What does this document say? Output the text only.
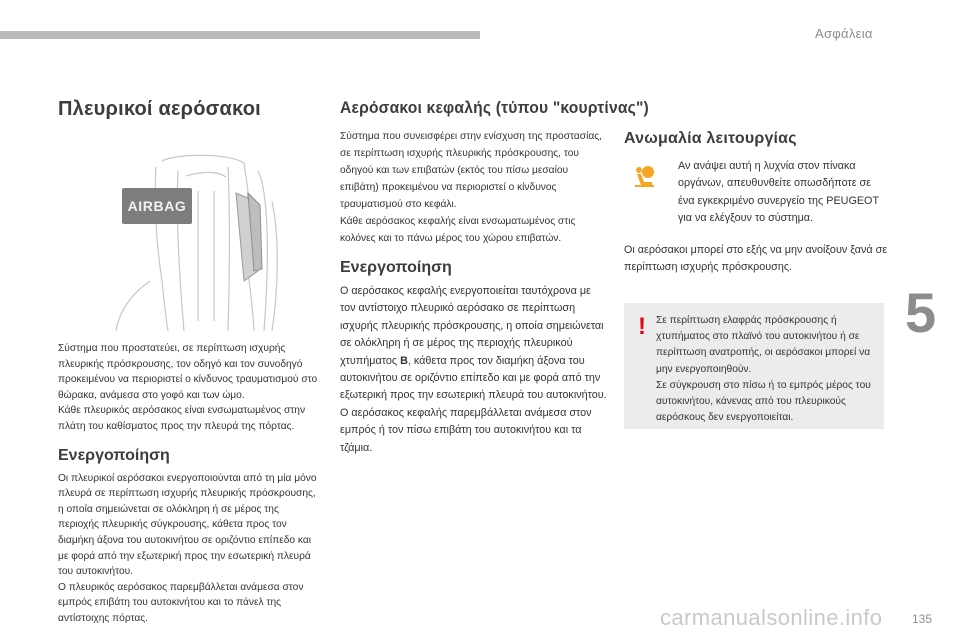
Ασφάλεια
5
Πλευρικοί αερόσακοι
AIRBAG

Σύστημα που προστατεύει, σε περίπτωση ισχυρής πλευρικής πρόσκρουσης, τον οδηγό και τον συνοδηγό προκειμένου να περιοριστεί ο κίνδυνος τραυματισμού στο θώρακα, ανάμεσα στο γοφό και των ώμο.
Κάθε πλευρικός αερόσακος είναι ενσωματωμένος στην πλάτη του καθίσματος προς την πλευρά της πόρτας.

Ενεργοποίηση

Οι πλευρικοί αερόσακοι ενεργοποιούνται από τη μία μόνο πλευρά σε περίπτωση ισχυρής πλευρικής πρόσκρουσης, η οποία σημειώνεται σε ολόκληρη ή σε μέρος της περιοχής πλευρικής σύγκρουσης, κάθετα προς τον διαμήκη άξονα του αυτοκινήτου σε οριζόντιο επίπεδο και με φορά από την εξωτερική προς την εσωτερική πλευρά του αυτοκινήτου.
Ο πλευρικός αερόσακος παρεμβάλλεται ανάμεσα στον εμπρός επιβάτη του αυτοκινήτου και το πάνελ της αντίστοιχης πόρτας.

Αερόσακοι κεφαλής (τύπου "κουρτίνας")

Σύστημα που συνεισφέρει στην ενίσχυση της προστασίας, σε περίπτωση ισχυρής πλευρικής πρόσκρουσης, του οδηγού και των επιβατών (εκτός του πίσω μεσαίου επιβάτη) προκειμένου να περιοριστεί ο κίνδυνος τραυματισμού στο κεφάλι.
Κάθε αερόσακος κεφαλής είναι ενσωματωμένος στις κολόνες και το πάνω μέρος του χώρου επιβατών.

Ενεργοποίηση

Ο αερόσακος κεφαλής ενεργοποιείται ταυτόχρονα με τον αντίστοιχο πλευρικό αερόσακο σε περίπτωση ισχυρής πλευρικής πρόσκρουσης, η οποία σημειώνεται σε ολόκληρη ή σε μέρος της περιοχής πλευρικού χτυπήματος B, κάθετα προς τον διαμήκη άξονα του αυτοκινήτου σε οριζόντιο επίπεδο και με φορά από την εξωτερική προς την εσωτερική πλευρά του αυτοκινήτου.
Ο αερόσακος κεφαλής παρεμβάλλεται ανάμεσα στον εμπρός ή τον πίσω επιβάτη του αυτοκινήτου και τα τζάμια.

Ανωμαλία λειτουργίας

Αν ανάψει αυτή η λυχνία στον πίνακα οργάνων, απευθυνθείτε οπωσδήποτε σε ένα εγκεκριμένο συνεργείο της PEUGEOT για να ελέγξουν το σύστημα.

Οι αερόσακοι μπορεί στο εξής να μην ανοίξουν ξανά σε περίπτωση ισχυρής πρόσκρουσης.

! Σε περίπτωση ελαφράς πρόσκρουσης ή χτυπήματος στο πλαϊνό του αυτοκινήτου ή σε περίπτωση ανατροπής, οι αερόσακοι μπορεί να μην ενεργοποιηθούν.
Σε σύγκρουση στο πίσω ή το εμπρός μέρος του αυτοκινήτου, κάνενας από του πλευρικούς αερόσκους δεν ενεργοποιείται.

carmanualsonline.info 135
